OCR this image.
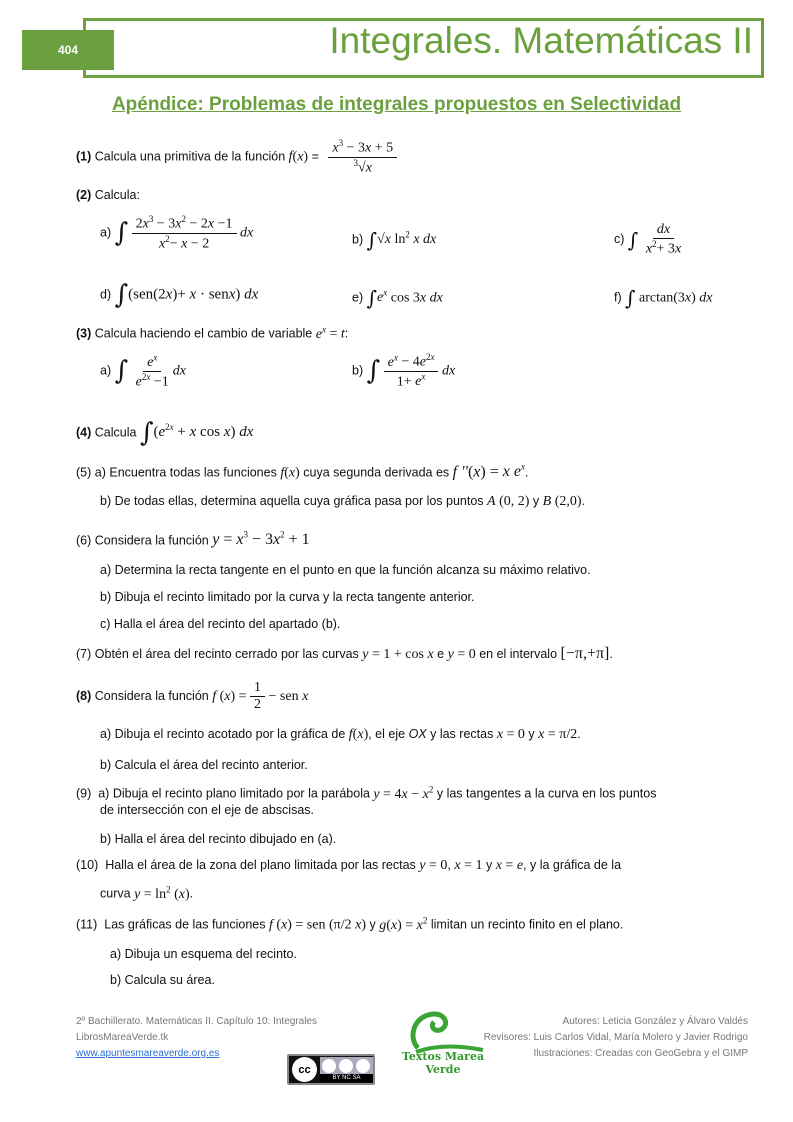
404	Integrales. Matemáticas II
Apéndice: Problemas de integrales propuestos en Selectividad
(1) Calcula una primitiva de la función $f(x) = \frac{x^3 - 3x + 5}{^3√x}$
(2) Calcula:
a) ∫ $\frac{2x^3 - 3x^2 - 2x -1}{x^2- x - 2}$ dx	b) ∫√x $\ln^2 x$ dx	c) ∫ $\frac{dx}{x^2+ 3x}$
d) ∫(sen(2x)+ x · senx) dx	e) $\int e^x$ cos 3x dx	f) ∫ arctan(3x) dx
(3) Calcula haciendo el cambio de variable $e^x = t$:
a) ∫ $\frac{e^x}{e^{2x} -1}$ dx	b) ∫ $\frac{e^x - 4e^{2x}}{1+ e^x}$ dx
(4) Calcula $\int(e^{2x} + x$ cos x) dx
(5) a) Encuentra todas las funciones f(x) cuya segunda derivada es f ''(x) = x $e^x$.
b) De todas ellas, determina aquella cuya gráfica pasa por los puntos A (0, 2) y B (2,0).
(6) Considera la función $y = x^3 - 3x^2 + 1$
a) Determina la recta tangente en el punto en que la función alcanza su máximo relativo.
b) Dibuja el recinto limitado por la curva y la recta tangente anterior.
c) Halla el área del recinto del apartado (b).
(7) Obtén el área del recinto cerrado por las curvas y = 1 + cos x e y = 0 en el intervalo [−π,+π].
(8) Considera la función f $(x) = \frac{1}{2}$ − sen x
a) Dibuja el recinto acotado por la gráfica de f(x), el eje OX y las rectas x = 0 y x = π/2.
b) Calcula el área del recinto anterior.
(9) a) Dibuja el recinto plano limitado por la parábola $y = 4x - x^2$ y las tangentes a la curva en los puntos
de intersección con el eje de abscisas.
b) Halla el área del recinto dibujado en (a).
(10) Halla el área de la zona del plano limitada por las rectas y = 0, x = 1 y x = e, y la gráfica de la
curva $y = \ln^2 (x)$.
(11) Las gráficas de las funciones f (x) = sen (π/2 x) y $g(x) = x^2$ limitan un recinto finito en el plano.
a) Dibuja un esquema del recinto.
b) Calcula su área.
2º Bachillerato. Matemáticas II. Capítulo 10: Integrales
LibrosMareaVerde.tk
www.apuntesmareaverde.org.es
Autores: Leticia González y Álvaro Valdés
Revisores: Luis Carlos Vidal, María Molero y Javier Rodrigo
Ilustraciones: Creadas con GeoGebra y el GIMP
Textos Marea Verde
cc
BY NC SA
